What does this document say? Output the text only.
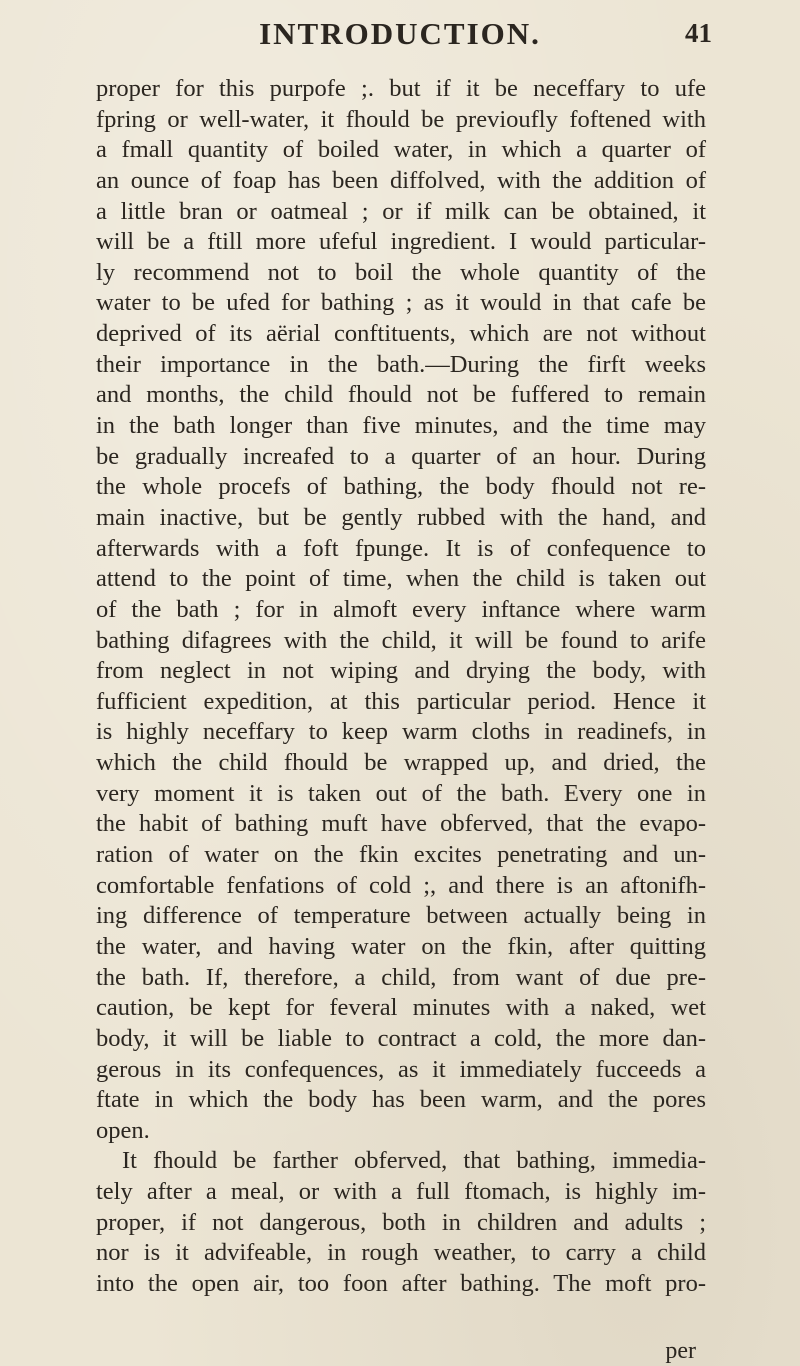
INTRODUCTION.	41
proper for this purpofe ;. but if it be neceffary to ufe
fpring or well-water, it fhould be previoufly foftened with
a fmall quantity of boiled water, in which a quarter of
an ounce of foap has been diffolved, with the addition of
a little bran or oatmeal ; or if milk can be obtained, it
will be a ftill more ufeful ingredient. I would particular-
ly recommend not to boil the whole quantity of the
water to be ufed for bathing ; as it would in that cafe be
deprived of its aërial conftituents, which are not without
their importance in the bath.—During the firft weeks
and months, the child fhould not be fuffered to remain
in the bath longer than five minutes, and the time may
be gradually increafed to a quarter of an hour. During
the whole procefs of bathing, the body fhould not re-
main inactive, but be gently rubbed with the hand, and
afterwards with a foft fpunge. It is of confequence to
attend to the point of time, when the child is taken out
of the bath ; for in almoft every inftance where warm
bathing difagrees with the child, it will be found to arife
from neglect in not wiping and drying the body, with
fufficient expedition, at this particular period. Hence it
is highly neceffary to keep warm cloths in readinefs, in
which the child fhould be wrapped up, and dried, the
very moment it is taken out of the bath. Every one in
the habit of bathing muft have obferved, that the evapo-
ration of water on the fkin excites penetrating and un-
comfortable fenfations of cold ;, and there is an aftonifh-
ing difference of temperature between actually being in
the water, and having water on the fkin, after quitting
the bath. If, therefore, a child, from want of due pre-
caution, be kept for feveral minutes with a naked, wet
body, it will be liable to contract a cold, the more dan-
gerous in its confequences, as it immediately fucceeds a
ftate in which the body has been warm, and the pores
open.
It fhould be farther obferved, that bathing, immedia-
tely after a meal, or with a full ftomach, is highly im-
proper, if not dangerous, both in children and adults ;
nor is it advifeable, in rough weather, to carry a child
into the open air, too foon after bathing. The moft pro-
per
